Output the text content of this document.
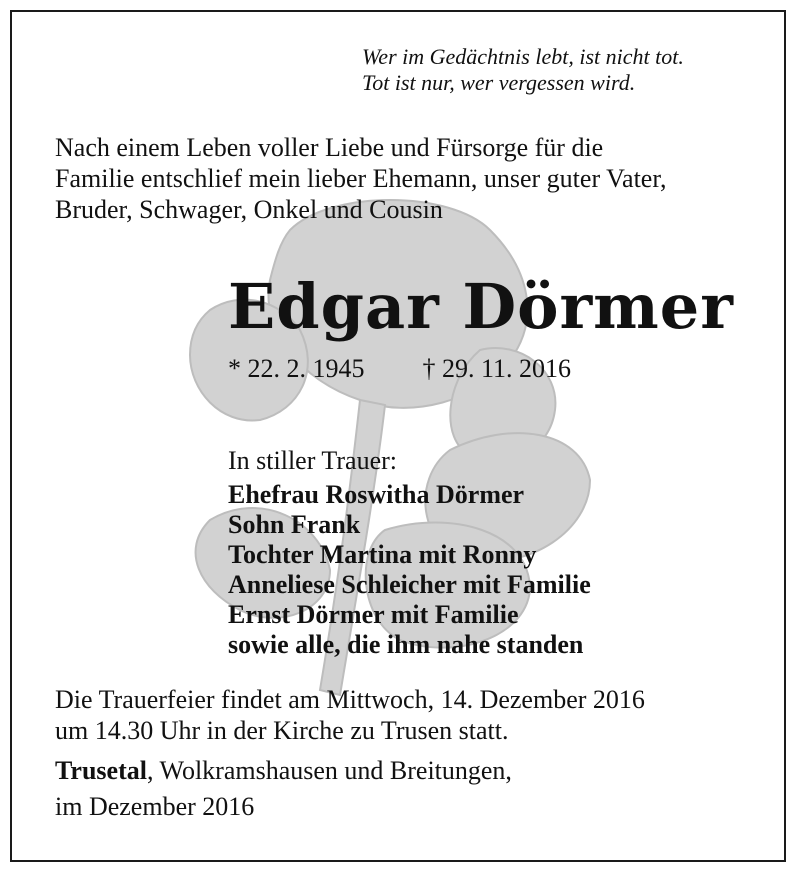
Wer im Gedächtnis lebt, ist nicht tot.
Tot ist nur, wer vergessen wird.
Nach einem Leben voller Liebe und Fürsorge für die
Familie entschlief mein lieber Ehemann, unser guter Vater,
Bruder, Schwager, Onkel und Cousin
Edgar Dörmer
* 22. 2. 1945 † 29. 11. 2016
In stiller Trauer:
Ehefrau Roswitha Dörmer
Sohn Frank
Tochter Martina mit Ronny
Anneliese Schleicher mit Familie
Ernst Dörmer mit Familie
sowie alle, die ihm nahe standen
Die Trauerfeier findet am Mittwoch, 14. Dezember 2016
um 14.30 Uhr in der Kirche zu Trusen statt.
Trusetal, Wolkramshausen und Breitungen,
im Dezember 2016
